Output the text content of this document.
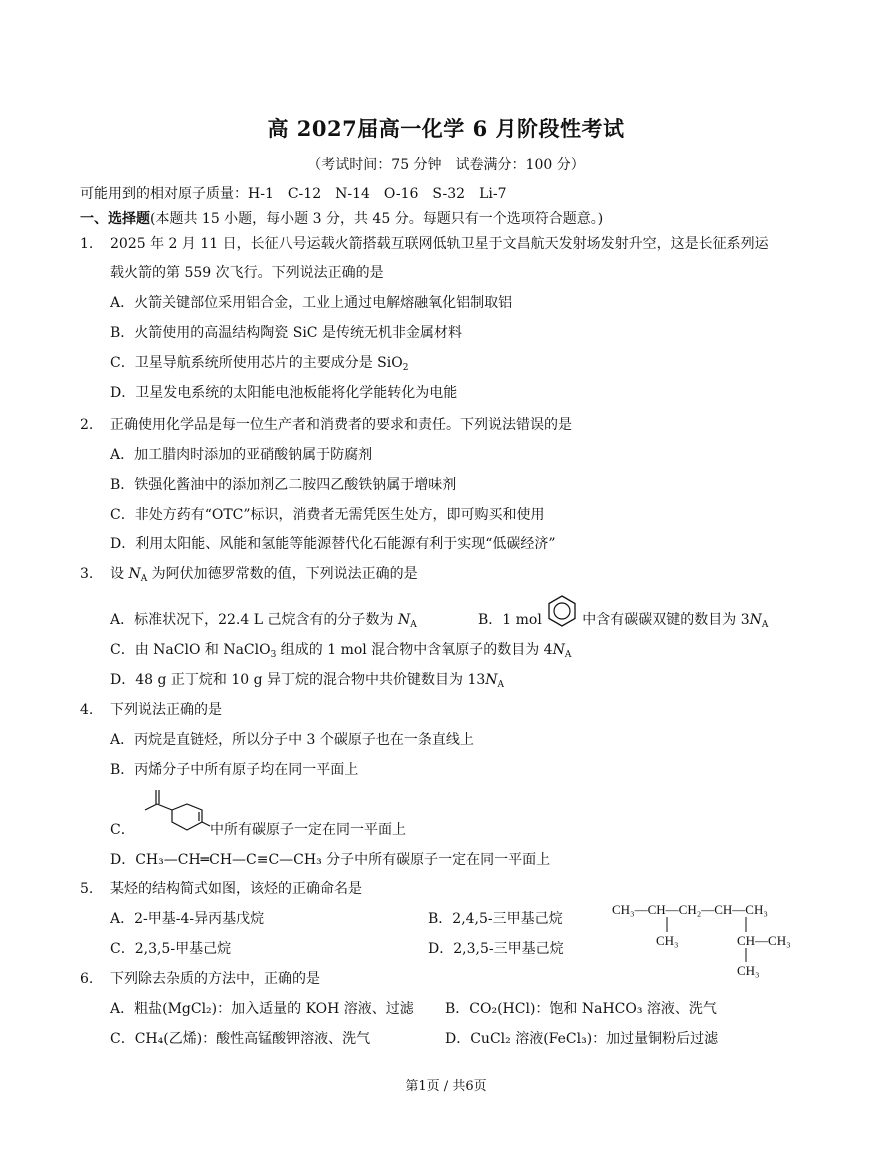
高 2027届高一化学 6 月阶段性考试
（考试时间：75 分钟　试卷满分：100 分）
可能用到的相对原子质量：H-1　C-12　N-14　O-16　S-32　Li-7
一、选择题(本题共 15 小题，每小题 3 分，共 45 分。每题只有一个选项符合题意。)
1. 2025 年 2 月 11 日，长征八号运载火箭搭载互联网低轨卫星于文昌航天发射场发射升空，这是长征系列运
载火箭的第 559 次飞行。下列说法正确的是
A．火箭关键部位采用铝合金，工业上通过电解熔融氧化铝制取铝
B．火箭使用的高温结构陶瓷 SiC 是传统无机非金属材料
C．卫星导航系统所使用芯片的主要成分是 SiO$_2$
D．卫星发电系统的太阳能电池板能将化学能转化为电能
2. 正确使用化学品是每一位生产者和消费者的要求和责任。下列说法错误的是
A．加工腊肉时添加的亚硝酸钠属于防腐剂
B．铁强化酱油中的添加剂乙二胺四乙酸铁钠属于增味剂
C．非处方药有“OTC”标识，消费者无需凭医生处方，即可购买和使用
D．利用太阳能、风能和氢能等能源替代化石能源有利于实现“低碳经济”
3. 设 $N_A$ 为阿伏加德罗常数的值，下列说法正确的是
A．标准状况下，22.4 L 己烷含有的分子数为 $N_A$	B．1 mol	中含有碳碳双键的数目为 $3N_A$
C．由 NaClO 和 NaClO$_3$ 组成的 1 mol 混合物中含氧原子的数目为 $4N_A$
D．48 g 正丁烷和 10 g 异丁烷的混合物中共价键数目为 $13N_A$
4. 下列说法正确的是
A．丙烷是直链烃，所以分子中 3 个碳原子也在一条直线上
B．丙烯分子中所有原子均在同一平面上
C．	中所有碳原子一定在同一平面上
D．CH₃—CH═CH—C≡C—CH₃ 分子中所有碳原子一定在同一平面上
5. 某烃的结构简式如图，该烃的正确命名是
A．2-甲基-4-异丙基戊烷	B．2,4,5-三甲基己烷
C．2,3,5-甲基己烷	D．2,3,5-三甲基己烷
CH₃—CH—CH₂—CH—CH₃
CH₃	CH—CH₃
CH₃
6. 下列除去杂质的方法中，正确的是
A．粗盐(MgCl₂)：加入适量的 KOH 溶液、过滤 B．CO₂(HCl)：饱和 NaHCO₃ 溶液、洗气
C．CH₄(乙烯)：酸性高锰酸钾溶液、洗气	D．CuCl₂ 溶液(FeCl₃)：加过量铜粉后过滤
第1页 / 共6页
